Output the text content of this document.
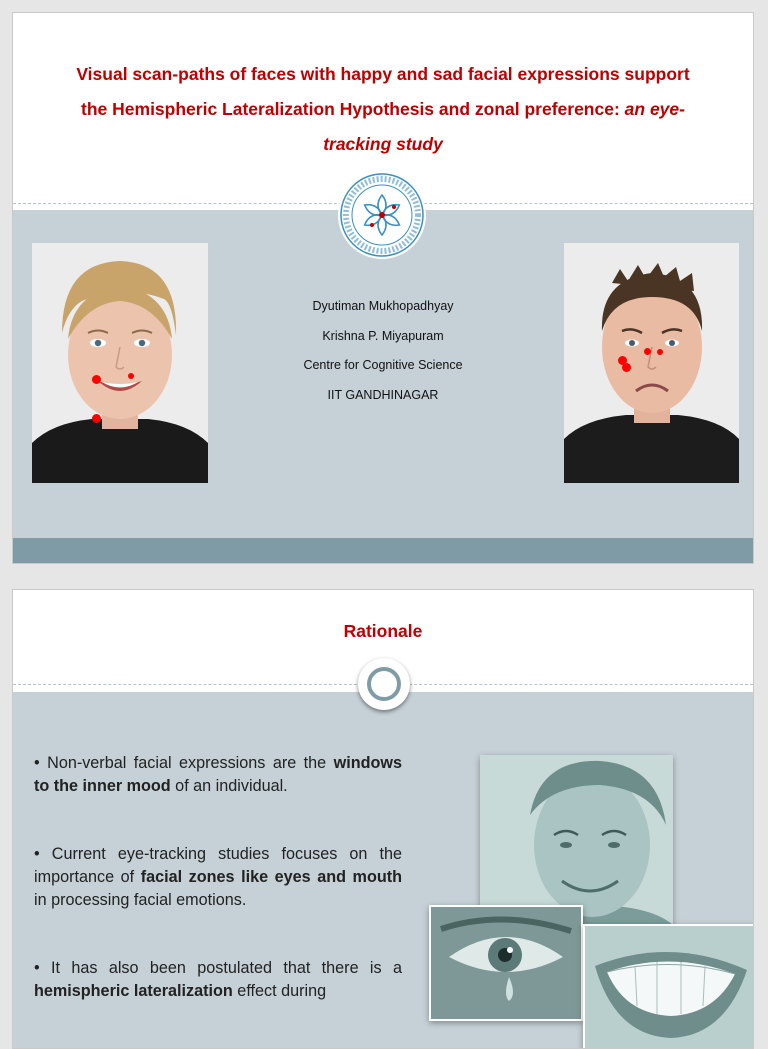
Visual scan-paths of faces with happy and sad facial expressions support
the Hemispheric Lateralization Hypothesis and zonal preference: an eye-
tracking study
Dyutiman Mukhopadhyay
Krishna P. Miyapuram
Centre for Cognitive Science
IIT GANDHINAGAR
Rationale

• Non-verbal facial expressions are the windows to the inner mood of an individual.

• Current eye-tracking studies focuses on the importance of facial zones like eyes and mouth in processing facial emotions.

• It has also been postulated that there is a hemispheric lateralization effect during
